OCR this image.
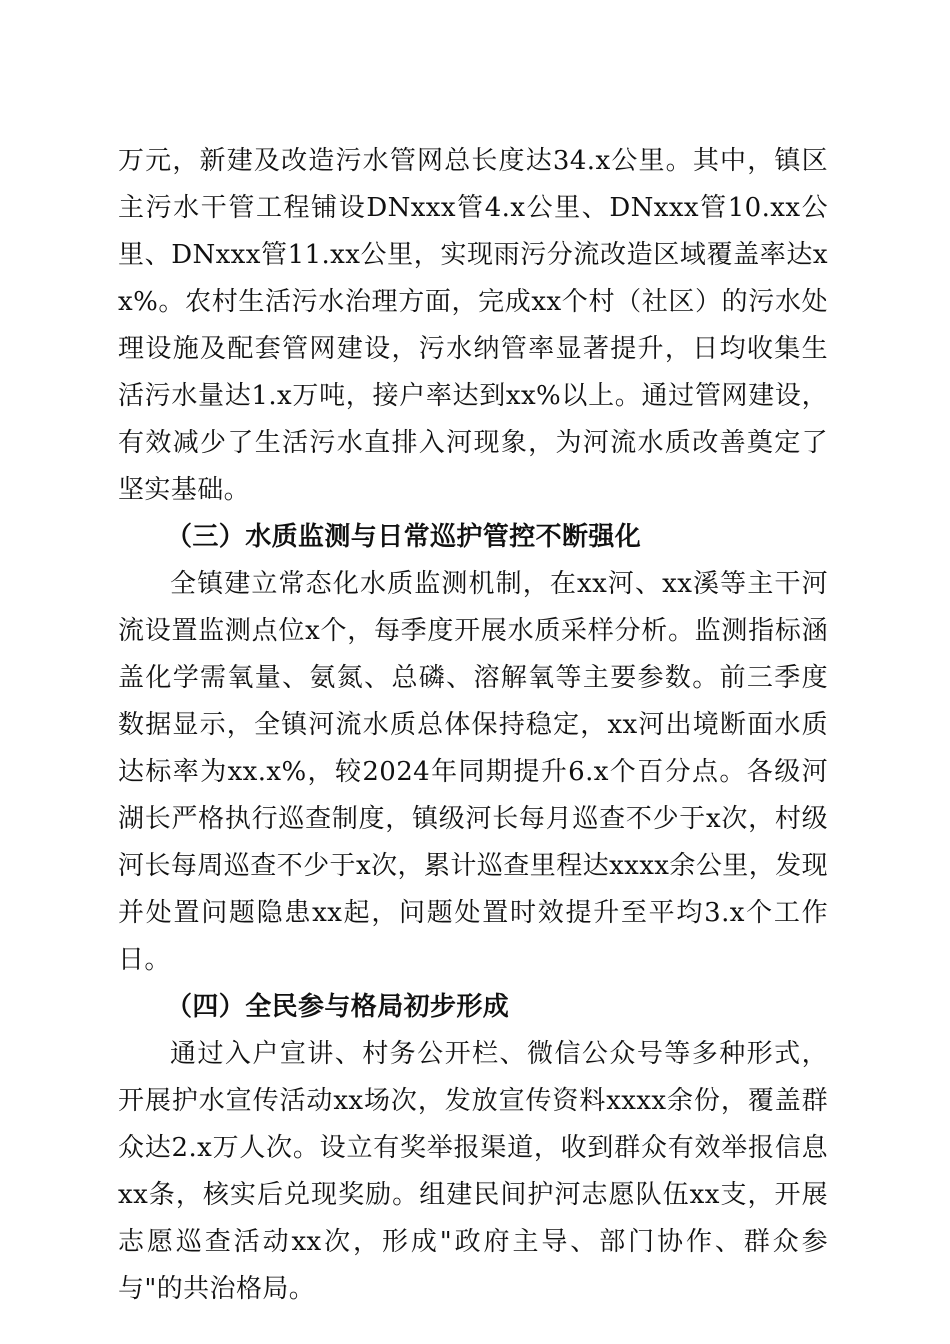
万元，新建及改造污水管网总长度达34.x公里。其中，镇区主污水干管工程铺设DNxxx管4.x公里、DNxxx管10.xx公里、DNxxx管11.xx公里，实现雨污分流改造区域覆盖率达xx%。农村生活污水治理方面，完成xx个村（社区）的污水处理设施及配套管网建设，污水纳管率显著提升，日均收集生活污水量达1.x万吨，接户率达到xx%以上。通过管网建设，有效减少了生活污水直排入河现象，为河流水质改善奠定了坚实基础。

（三）水质监测与日常巡护管控不断强化

全镇建立常态化水质监测机制，在xx河、xx溪等主干河流设置监测点位x个，每季度开展水质采样分析。监测指标涵盖化学需氧量、氨氮、总磷、溶解氧等主要参数。前三季度数据显示，全镇河流水质总体保持稳定，xx河出境断面水质达标率为xx.x%，较2024年同期提升6.x个百分点。各级河湖长严格执行巡查制度，镇级河长每月巡查不少于x次，村级河长每周巡查不少于x次，累计巡查里程达xxxx余公里，发现并处置问题隐患xx起，问题处置时效提升至平均3.x个工作日。

（四）全民参与格局初步形成

通过入户宣讲、村务公开栏、微信公众号等多种形式，开展护水宣传活动xx场次，发放宣传资料xxxx余份，覆盖群众达2.x万人次。设立有奖举报渠道，收到群众有效举报信息xx条，核实后兑现奖励。组建民间护河志愿队伍xx支，开展志愿巡查活动xx次，形成"政府主导、部门协作、群众参与"的共治格局。
